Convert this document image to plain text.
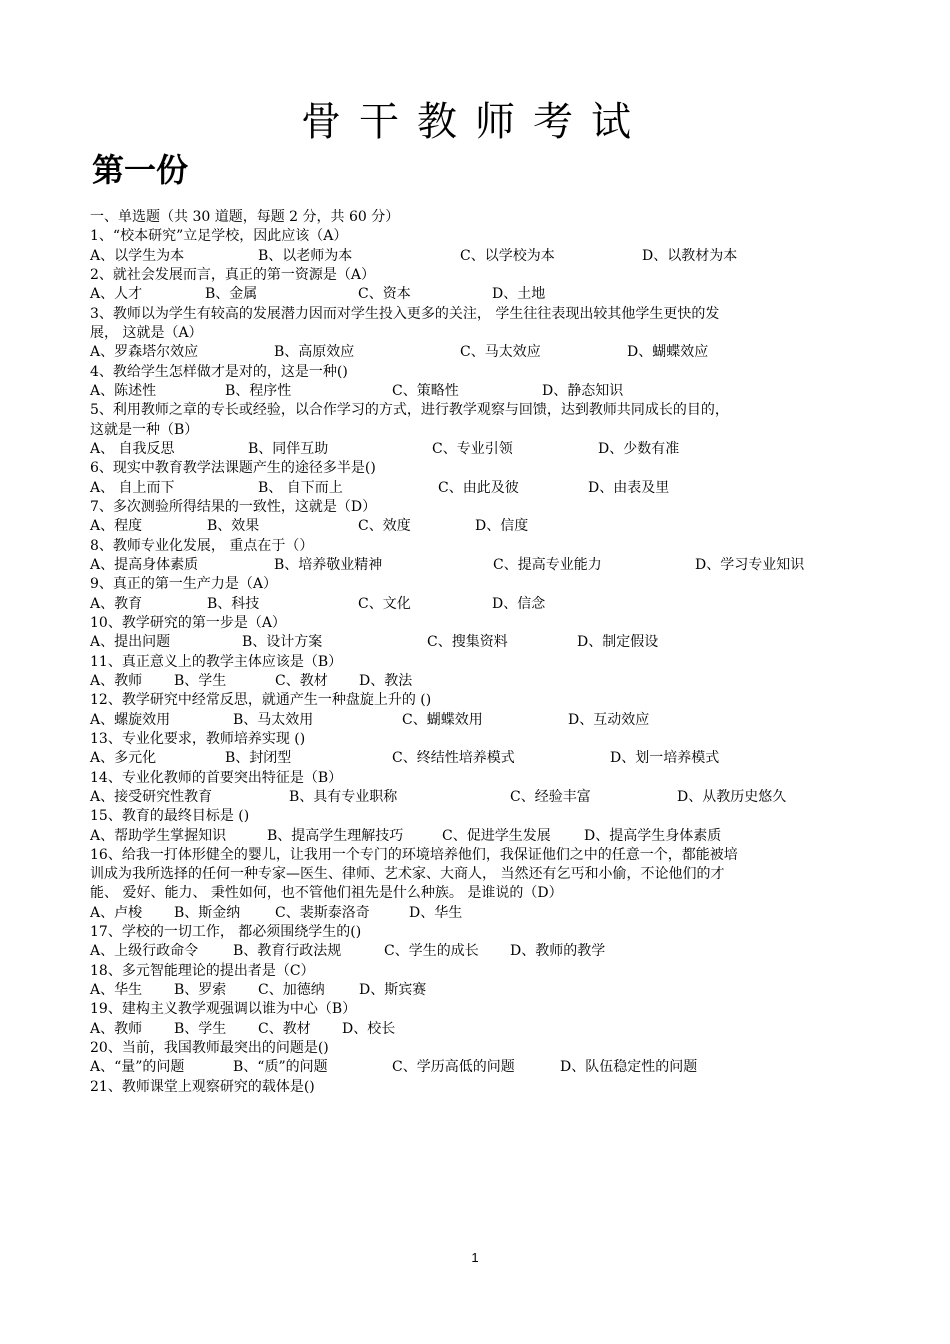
骨干教师考试
第一份
一、单选题（共 30 道题，每题 2 分，共 60 分）
1、“校本研究”立足学校，因此应该（A）
A、以学生为本	B、以老师为本	C、以学校为本	D、以教材为本
2、就社会发展而言，真正的第一资源是（A）
A、人才	B、金属	C、资本	D、土地
3、教师以为学生有较高的发展潜力因而对学生投入更多的关注， 学生往往表现出较其他学生更快的发
展， 这就是（A）
A、罗森塔尔效应	B、高原效应	C、马太效应	D、蝴蝶效应
4、教给学生怎样做才是对的，这是一种()
A、陈述性	B、程序性	C、策略性	D、静态知识
5、利用教师之章的专长或经验，以合作学习的方式，进行教学观察与回馈，达到教师共同成长的目的，
这就是一种（B）
A、 自我反思	B、同伴互助	C、专业引领	D、少数有准
6、现实中教育教学法课题产生的途径多半是()
A、 自上而下	B、 自下而上	C、由此及彼	D、由表及里
7、多次测验所得结果的一致性，这就是（D）
A、程度	B、效果	C、效度	D、信度
8、教师专业化发展， 重点在于（）
A、提高身体素质	B、培养敬业精神	C、提高专业能力	D、学习专业知识
9、真正的第一生产力是（A）
A、教育	B、科技	C、文化	D、信念
10、教学研究的第一步是（A）
A、提出问题	B、设计方案	C、搜集资料	D、制定假设
11、真正意义上的教学主体应该是（B）
A、教师 B、学生	C、教材 D、教法
12、教学研究中经常反思，就通产生一种盘旋上升的 ()
A、螺旋效用	B、马太效用	C、蝴蝶效用	D、互动效应
13、专业化要求，教师培养实现 ()
A、多元化	B、封闭型	C、终结性培养模式	D、划一培养模式
14、专业化教师的首要突出特征是（B）
A、接受研究性教育	B、具有专业职称	C、经验丰富	D、从教历史悠久
15、教育的最终目标是 ()
A、帮助学生掌握知识	B、提高学生理解技巧	C、促进学生发展 D、提高学生身体素质
16、给我一打体形健全的婴儿，让我用一个专门的环境培养他们，我保证他们之中的任意一个，都能被培
训成为我所选择的任何一种专家—医生、律师、艺术家、大商人， 当然还有乞丐和小偷，不论他们的才
能、 爱好、能力、 秉性如何，也不管他们祖先是什么种族。 是谁说的（D）
A、卢梭 B、斯金纳 C、裴斯泰洛奇	D、华生
17、学校的一切工作， 都必须围绕学生的()
A、上级行政命令 B、教育行政法规	C、学生的成长 D、教师的教学
18、多元智能理论的提出者是（C）
A、华生 B、罗索 C、加德纳 D、斯宾赛
19、建构主义教学观强调以谁为中心（B）
A、教师 B、学生 C、教材 D、校长
20、当前，我国教师最突出的问题是()
A、“量”的问题	B、“质”的问题	C、学历高低的问题	D、队伍稳定性的问题
21、教师课堂上观察研究的载体是()
1
